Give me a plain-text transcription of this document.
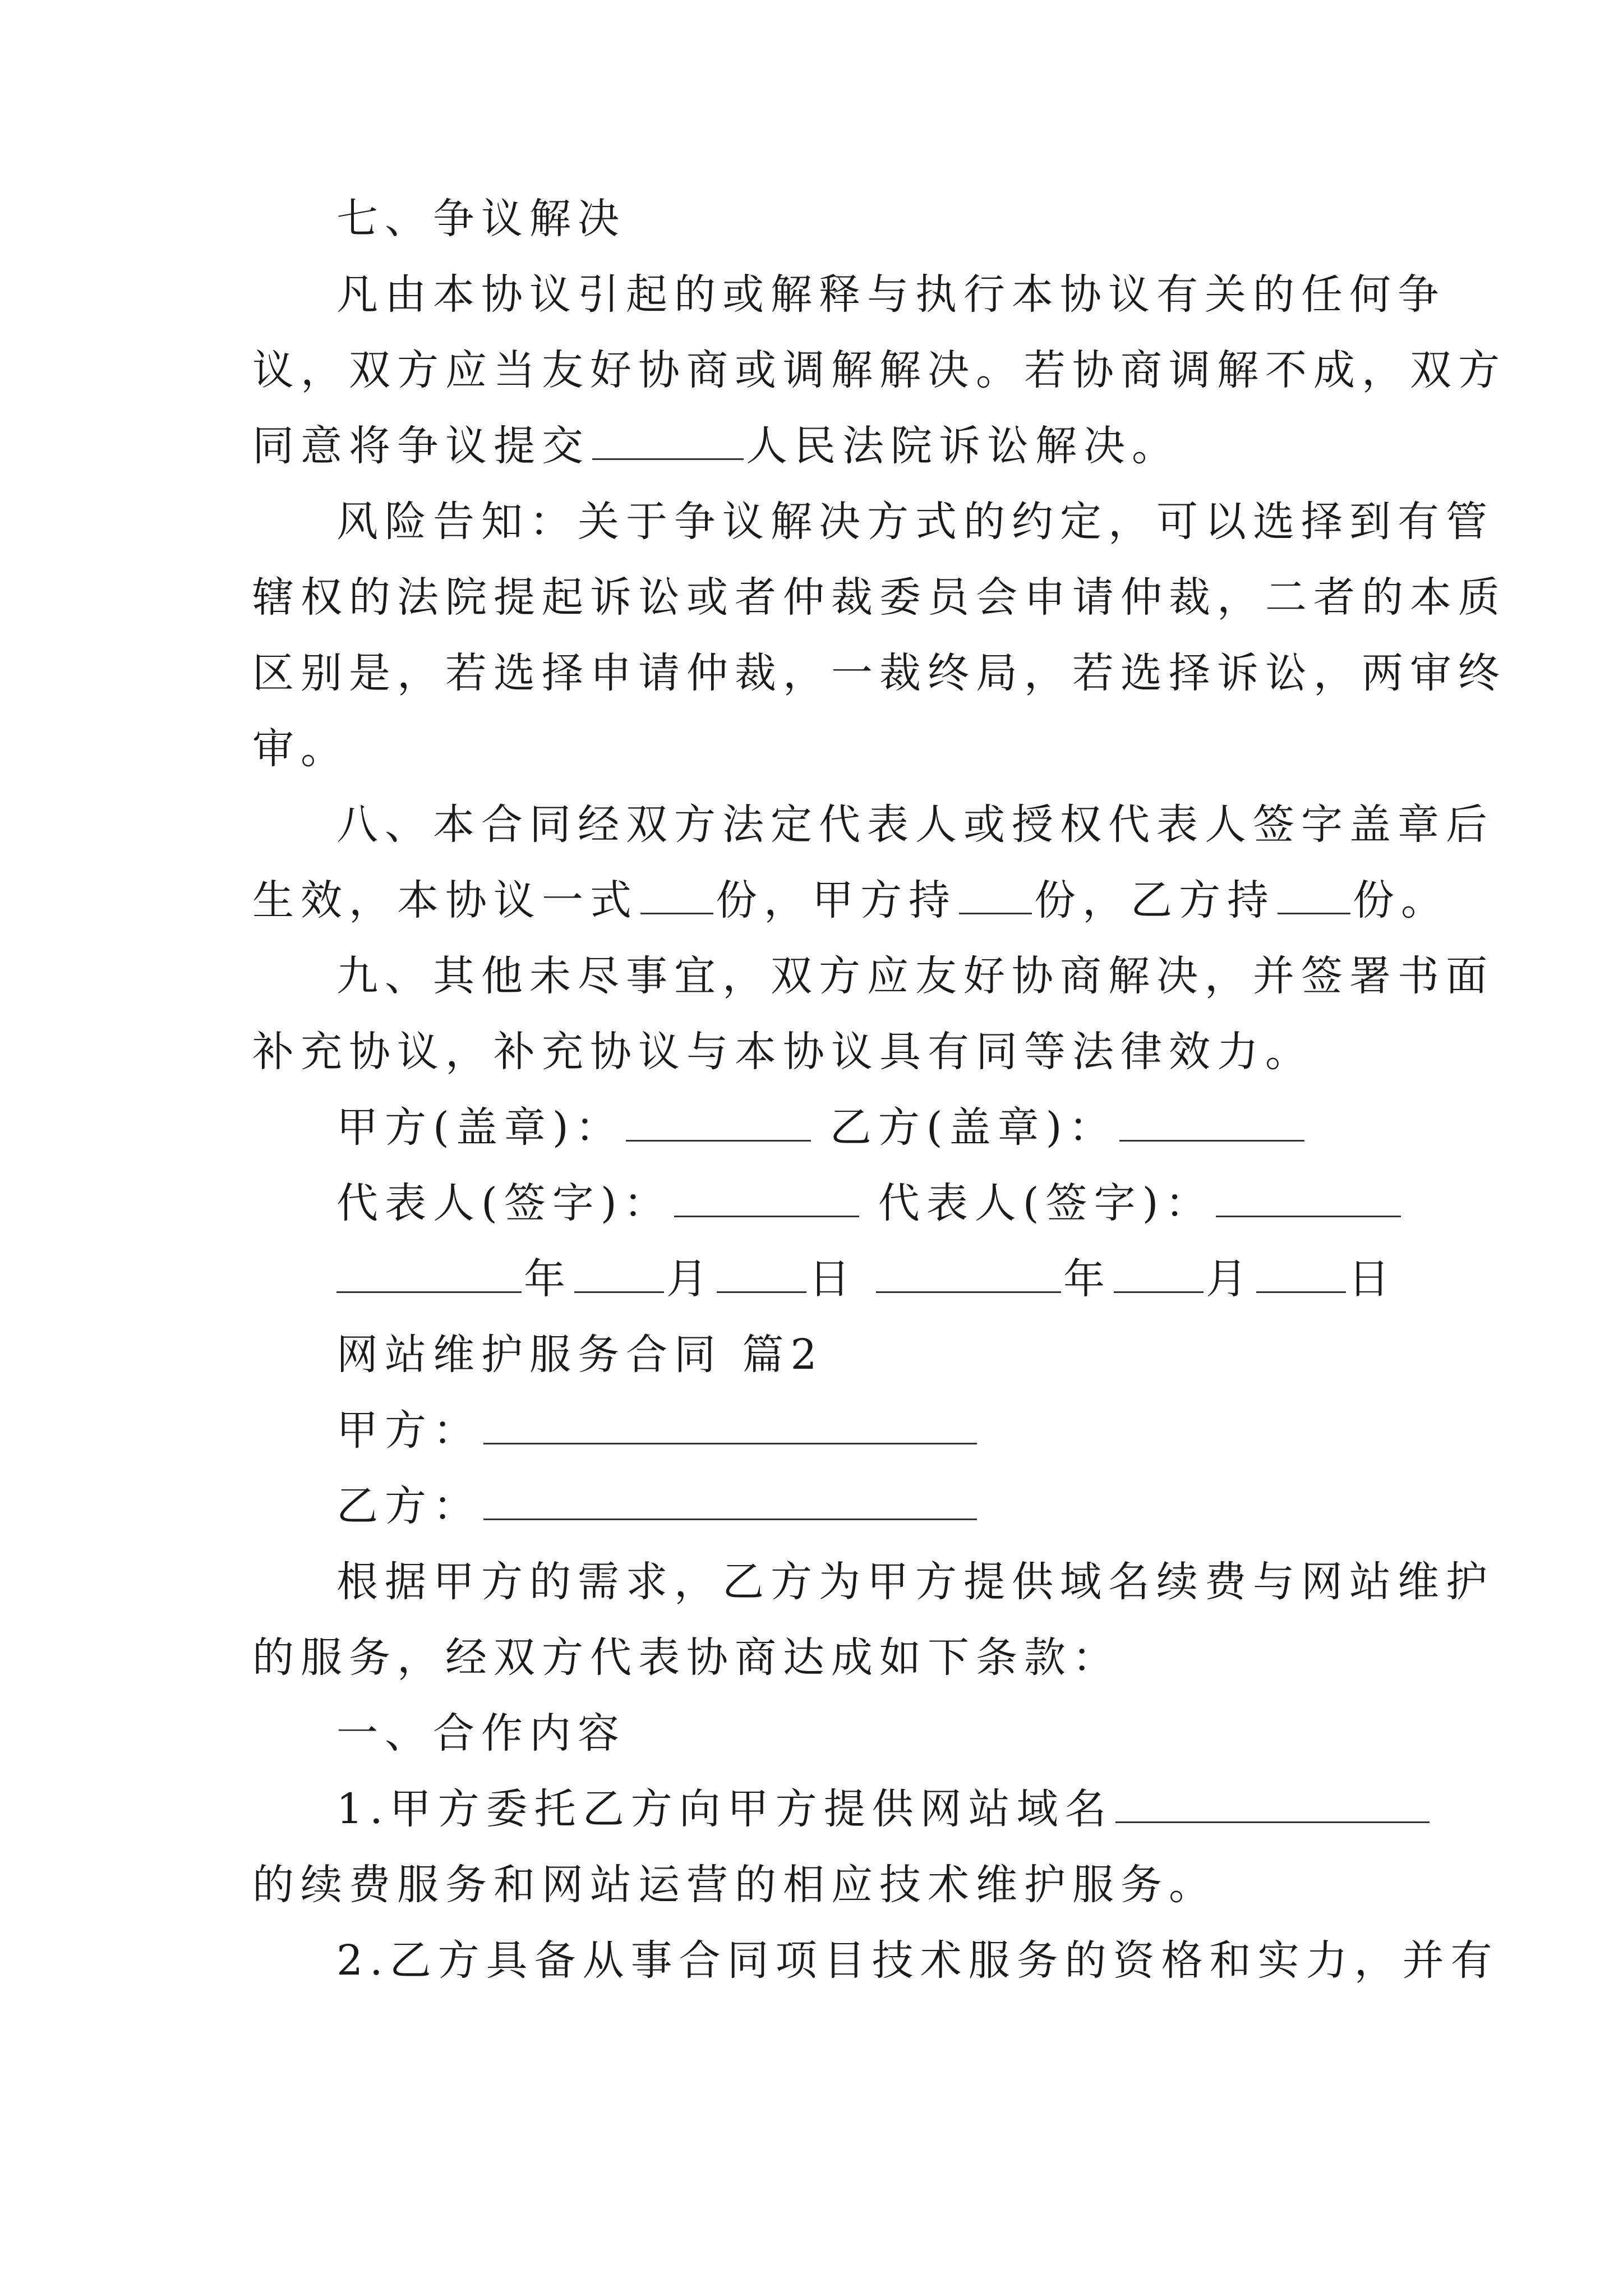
七、争议解决
凡由本协议引起的或解释与执行本协议有关的任何争
议，双方应当友好协商或调解解决。若协商调解不成，双方
同意将争议提交	人民法院诉讼解决。
风险告知：关于争议解决方式的约定，可以选择到有管
辖权的法院提起诉讼或者仲裁委员会申请仲裁，二者的本质
区别是，若选择申请仲裁，一裁终局，若选择诉讼，两审终
审。
八、本合同经双方法定代表人或授权代表人签字盖章后
生效，本协议一式 份，甲方持 份，乙方持 份。
九、其他未尽事宜，双方应友好协商解决，并签署书面
补充协议，补充协议与本协议具有同等法律效力。
甲方(盖章)：	乙方(盖章)：
代表人(签字)：	代表人(签字)：
年 月 日	年 月 日
网站维护服务合同 篇2
甲方：
乙方：
根据甲方的需求，乙方为甲方提供域名续费与网站维护
的服务，经双方代表协商达成如下条款：
一、合作内容
1.甲方委托乙方向甲方提供网站域名
的续费服务和网站运营的相应技术维护服务。
2.乙方具备从事合同项目技术服务的资格和实力，并有
